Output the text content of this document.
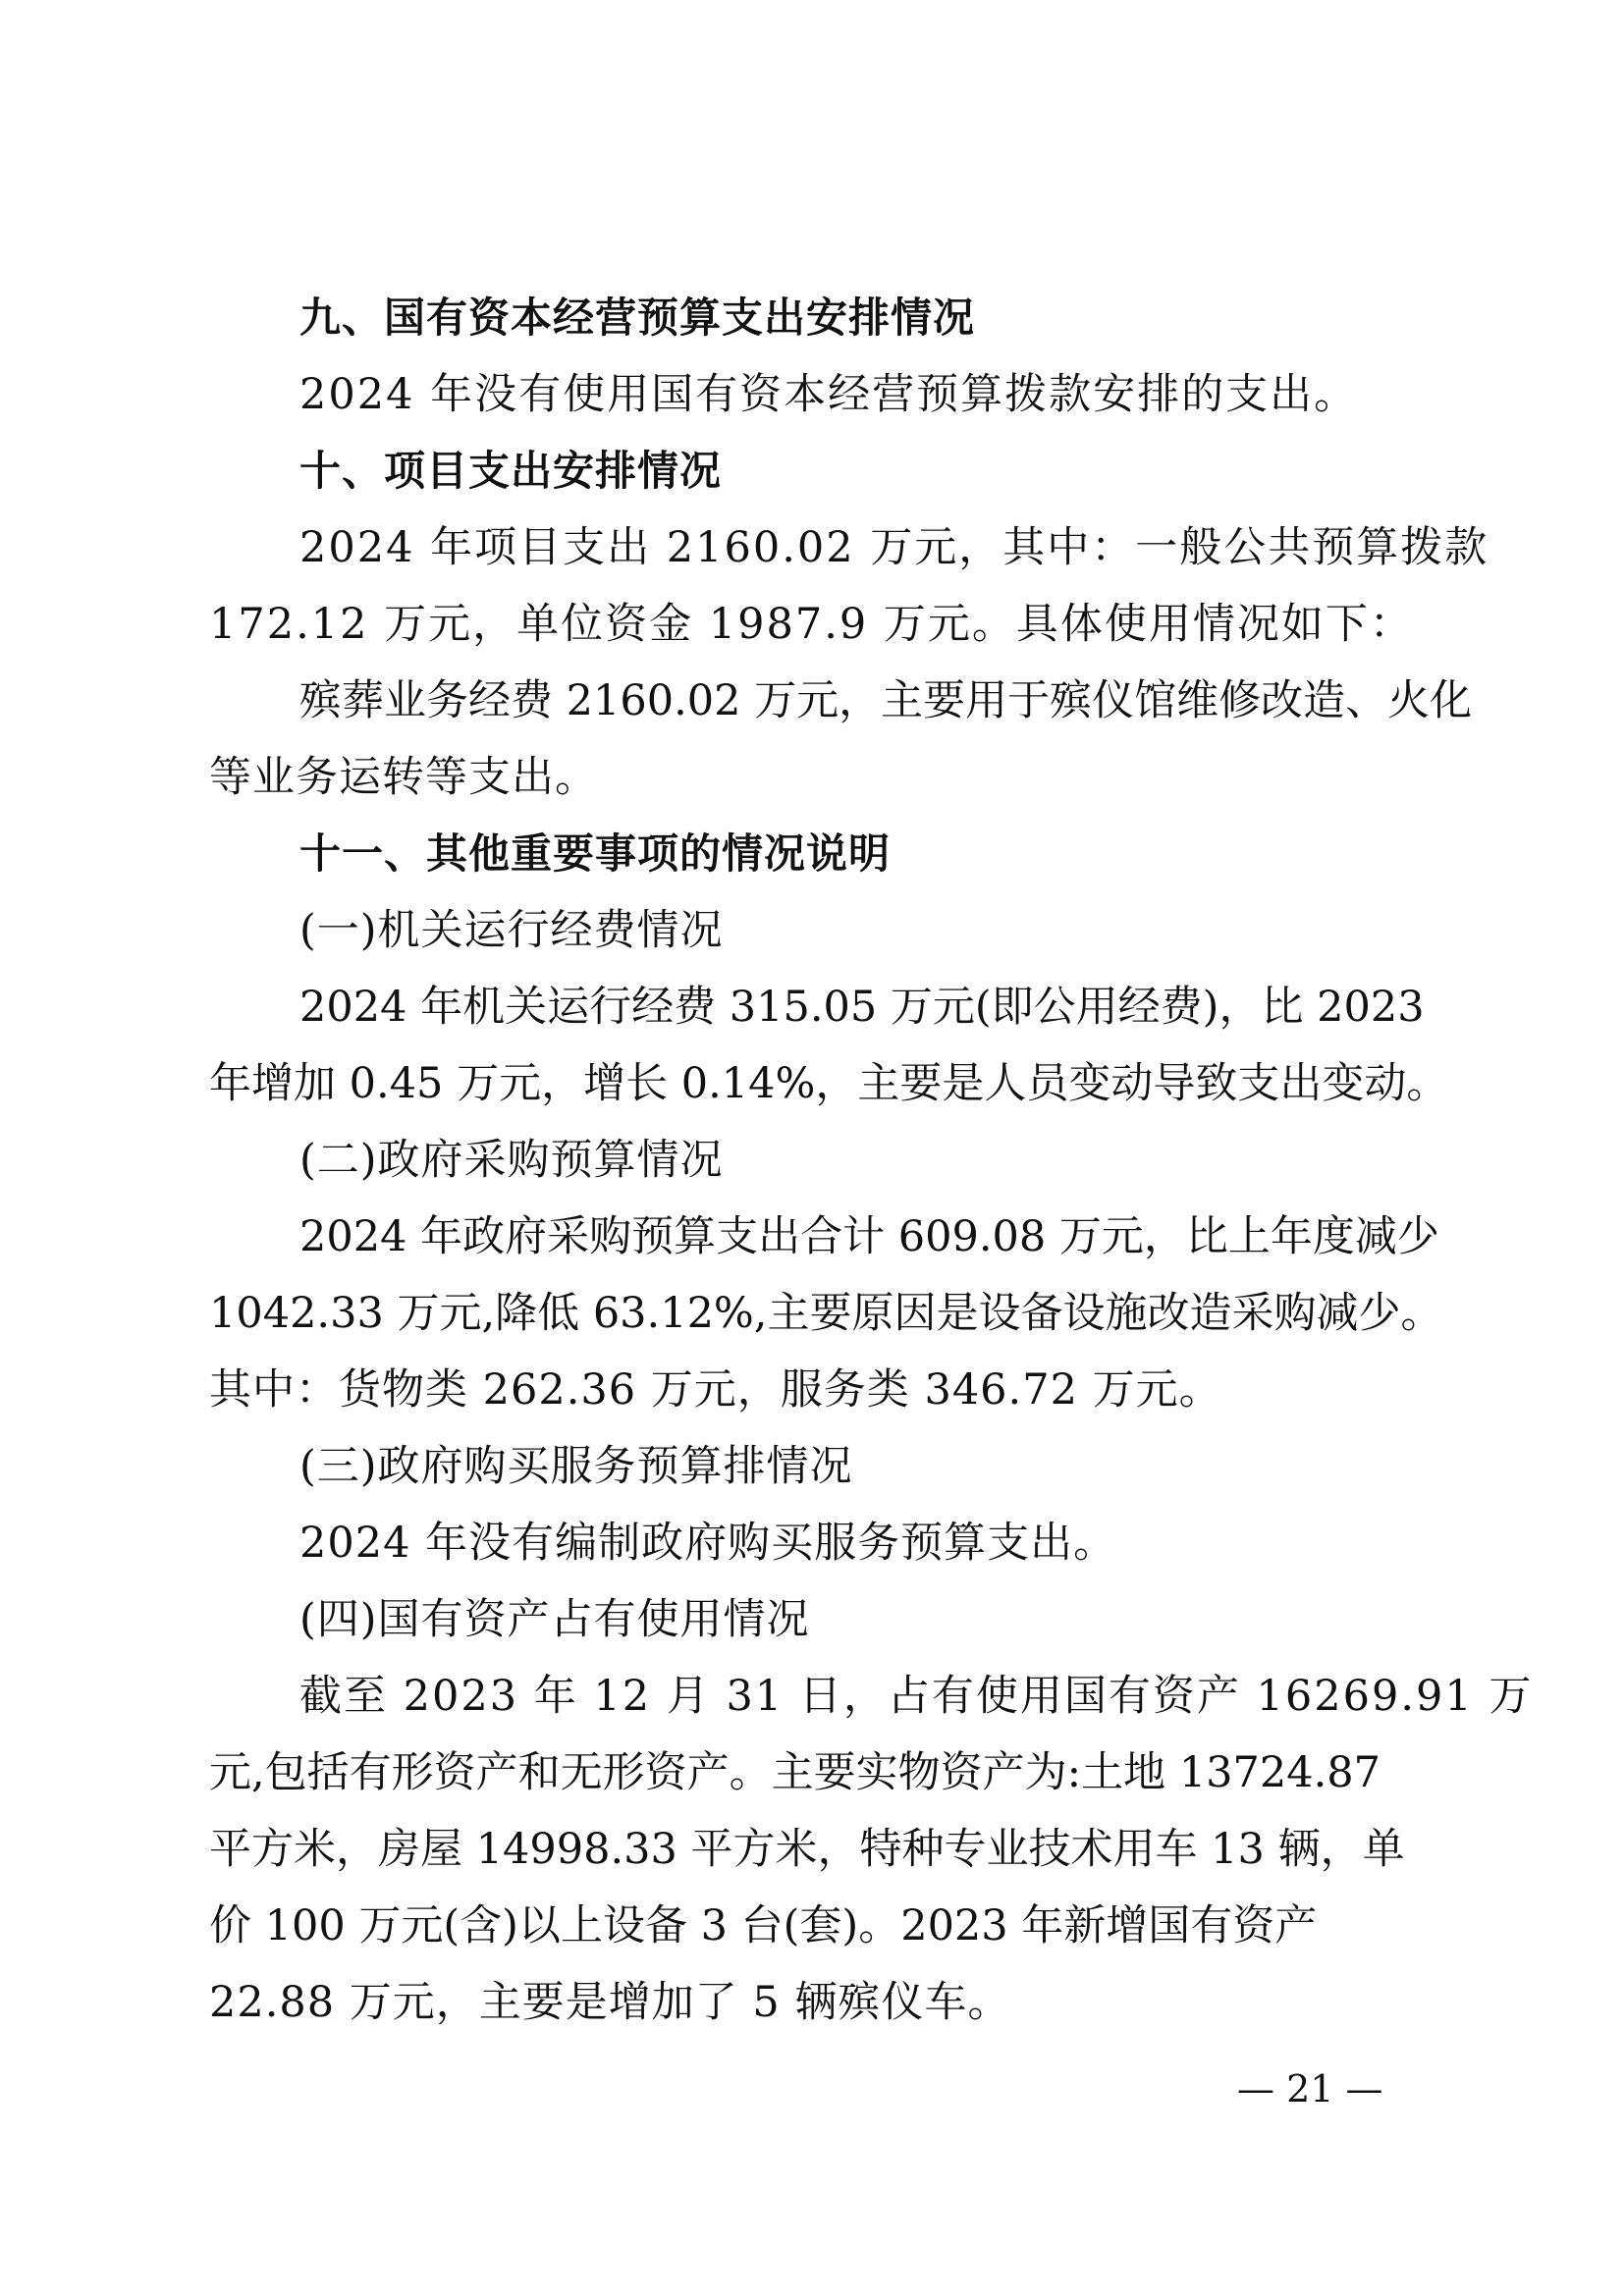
九、国有资本经营预算支出安排情况

2024 年没有使用国有资本经营预算拨款安排的支出。

十、项目支出安排情况

2024 年项目支出 2160.02 万元，其中：一般公共预算拨款

172.12 万元，单位资金 1987.9 万元。具体使用情况如下：

殡葬业务经费 2160.02 万元，主要用于殡仪馆维修改造、火化

等业务运转等支出。

十一、其他重要事项的情况说明

(一)机关运行经费情况

2024 年机关运行经费 315.05 万元(即公用经费)，比 2023

年增加 0.45 万元，增长 0.14%，主要是人员变动导致支出变动。

(二)政府采购预算情况

2024 年政府采购预算支出合计 609.08 万元，比上年度减少

1042.33 万元,降低 63.12%,主要原因是设备设施改造采购减少。

其中：货物类 262.36 万元，服务类 346.72 万元。

(三)政府购买服务预算排情况

2024 年没有编制政府购买服务预算支出。

(四)国有资产占有使用情况

截至 2023 年 12 月 31 日，占有使用国有资产 16269.91 万

元,包括有形资产和无形资产。主要实物资产为:土地 13724.87

平方米，房屋 14998.33 平方米，特种专业技术用车 13 辆，单

价 100 万元(含)以上设备 3 台(套)。2023 年新增国有资产

22.88 万元，主要是增加了 5 辆殡仪车。

— 21 —
